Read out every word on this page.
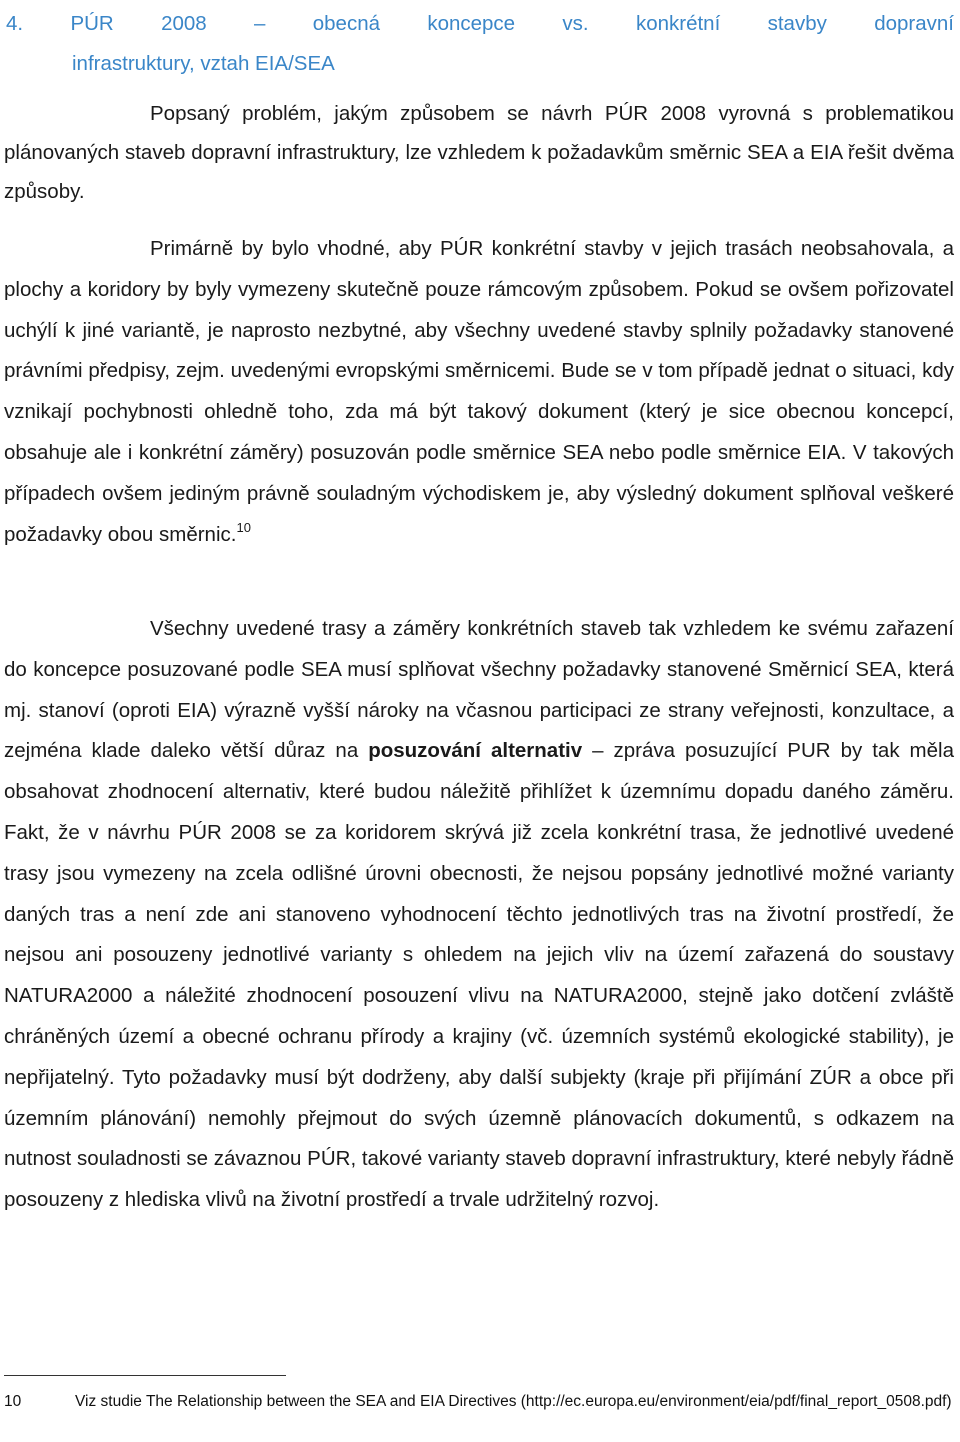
4. PÚR 2008 – obecná koncepce vs. konkrétní stavby dopravní
infrastruktury, vztah EIA/SEA

Popsaný problém, jakým způsobem se návrh PÚR 2008 vyrovná s problematikou plánovaných staveb dopravní infrastruktury, lze vzhledem k požadavkům směrnic SEA a EIA řešit dvěma způsoby.

Primárně by bylo vhodné, aby PÚR konkrétní stavby v jejich trasách neobsahovala, a plochy a koridory by byly vymezeny skutečně pouze rámcovým způsobem. Pokud se ovšem pořizovatel uchýlí k jiné variantě, je naprosto nezbytné, aby všechny uvedené stavby splnily požadavky stanovené právními předpisy, zejm. uvedenými evropskými směrnicemi. Bude se v tom případě jednat o situaci, kdy vznikají pochybnosti ohledně toho, zda má být takový dokument (který je sice obecnou koncepcí, obsahuje ale i konkrétní záměry) posuzován podle směrnice SEA nebo podle směrnice EIA. V takových případech ovšem jediným právně souladným východiskem je, aby výsledný dokument splňoval veškeré požadavky obou směrnic.$^{10}$

Všechny uvedené trasy a záměry konkrétních staveb tak vzhledem ke svému zařazení do koncepce posuzované podle SEA musí splňovat všechny požadavky stanovené Směrnicí SEA, která mj. stanoví (oproti EIA) výrazně vyšší nároky na včasnou participaci ze strany veřejnosti, konzultace, a zejména klade daleko větší důraz na posuzování alternativ – zpráva posuzující PUR by tak měla obsahovat zhodnocení alternativ, které budou náležitě přihlížet k územnímu dopadu daného záměru. Fakt, že v návrhu PÚR 2008 se za koridorem skrývá již zcela konkrétní trasa, že jednotlivé uvedené trasy jsou vymezeny na zcela odlišné úrovni obecnosti, že nejsou popsány jednotlivé možné varianty daných tras a není zde ani stanoveno vyhodnocení těchto jednotlivých tras na životní prostředí, že nejsou ani posouzeny jednotlivé varianty s ohledem na jejich vliv na území zařazená do soustavy NATURA2000 a náležité zhodnocení posouzení vlivu na NATURA2000, stejně jako dotčení zvláště chráněných území a obecné ochranu přírody a krajiny (vč. územních systémů ekologické stability), je nepřijatelný. Tyto požadavky musí být dodrženy, aby další subjekty (kraje při přijímání ZÚR a obce při územním plánování) nemohly přejmout do svých územně plánovacích dokumentů, s odkazem na nutnost souladnosti se závaznou PÚR, takové varianty staveb dopravní infrastruktury, které nebyly řádně posouzeny z hlediska vlivů na životní prostředí a trvale udržitelný rozvoj.

10	Viz studie The Relationship between the SEA and EIA Directives (http://ec.europa.eu/environment/eia/pdf/final_report_0508.pdf)
